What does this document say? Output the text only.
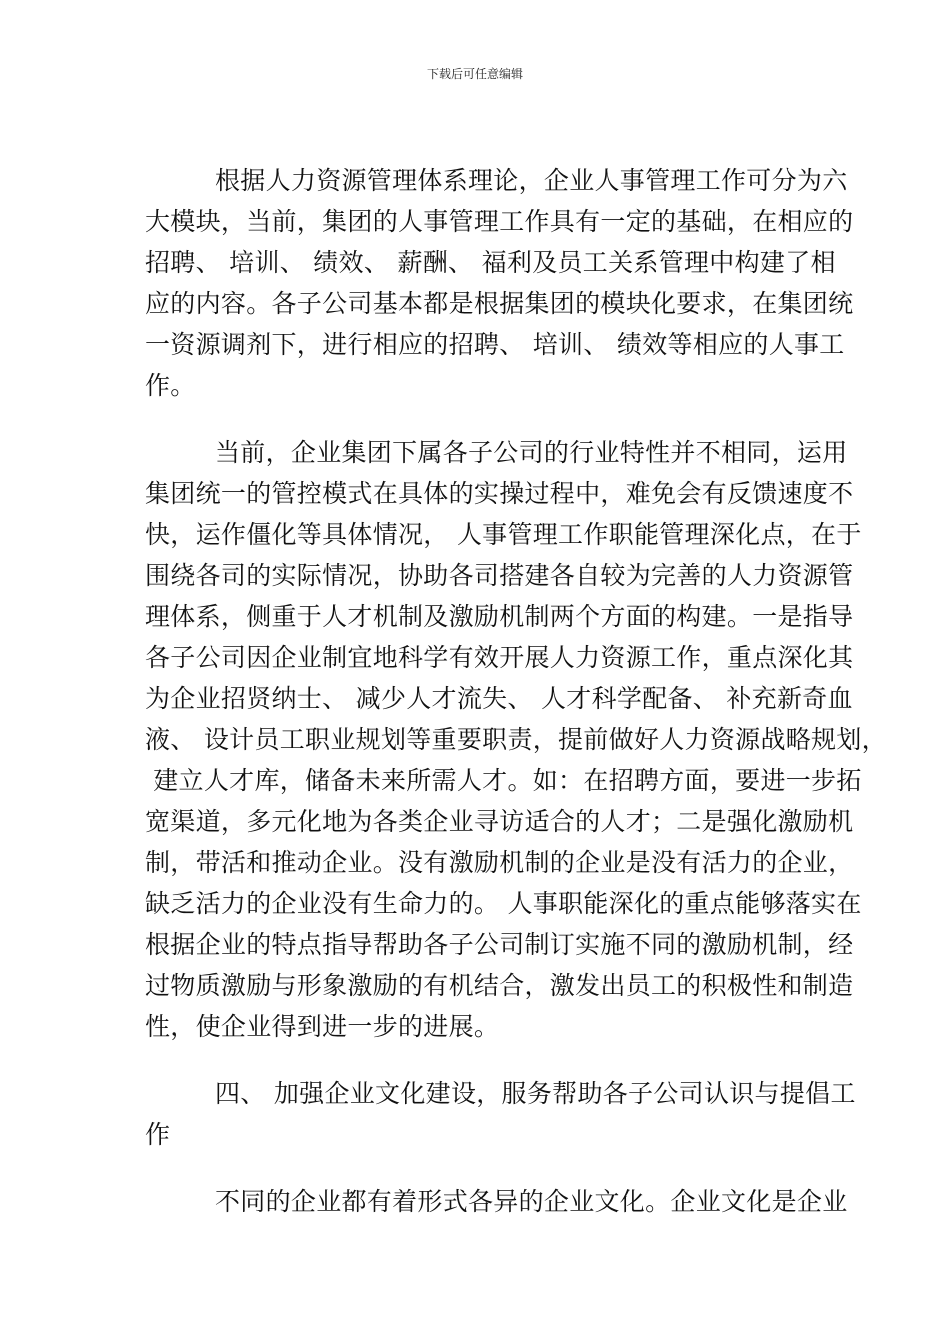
下载后可任意编辑
根据人力资源管理体系理论，企业人事管理工作可分为六
大模块，当前，集团的人事管理工作具有一定的基础，在相应的
招聘、 培训、 绩效、 薪酬、 福利及员工关系管理中构建了相
应的内容。各子公司基本都是根据集团的模块化要求，在集团统
一资源调剂下，进行相应的招聘、 培训、 绩效等相应的人事工
作。
当前，企业集团下属各子公司的行业特性并不相同，运用
集团统一的管控模式在具体的实操过程中，难免会有反馈速度不
快，运作僵化等具体情况， 人事管理工作职能管理深化点，在于
围绕各司的实际情况，协助各司搭建各自较为完善的人力资源管
理体系，侧重于人才机制及激励机制两个方面的构建。一是指导
各子公司因企业制宜地科学有效开展人力资源工作，重点深化其
为企业招贤纳士、 减少人才流失、 人才科学配备、 补充新奇血
液、 设计员工职业规划等重要职责，提前做好人力资源战略规划，
建立人才库，储备未来所需人才。如：在招聘方面，要进一步拓
宽渠道，多元化地为各类企业寻访适合的人才；二是强化激励机
制，带活和推动企业。没有激励机制的企业是没有活力的企业，
缺乏活力的企业没有生命力的。 人事职能深化的重点能够落实在
根据企业的特点指导帮助各子公司制订实施不同的激励机制，经
过物质激励与形象激励的有机结合，激发出员工的积极性和制造
性，使企业得到进一步的进展。
四、 加强企业文化建设，服务帮助各子公司认识与提倡工
作
不同的企业都有着形式各异的企业文化。企业文化是企业
